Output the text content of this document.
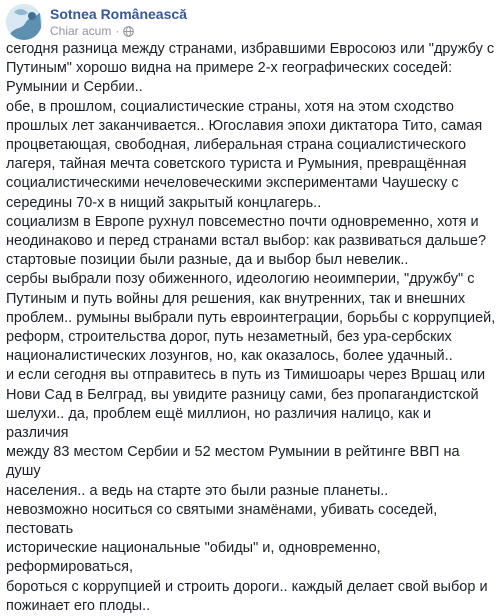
Sotnea Românească
Chiar acum ·

сегодня разница между странами, избравшими Евросоюз или "дружбу с
Путиным" хорошо видна на примере 2-х географических соседей:
Румынии и Сербии..

обе, в прошлом, социалистические страны, хотя на этом сходство
прошлых лет заканчивается.. Югославия эпохи диктатора Тито, самая
процветающая, свободная, либеральная страна социалистического
лагеря, тайная мечта советского туриста и Румыния, превращённая
социалистическими нечеловеческими экспериментами Чаушеску с
середины 70-х в нищий закрытый концлагерь..

социализм в Европе рухнул повсеместно почти одновременно, хотя и
неодинаково и перед странами встал выбор: как развиваться дальше?
стартовые позиции были разные, да и выбор был невелик..

сербы выбрали позу обиженного, идеологию неоимперии, "дружбу" с
Путиным и путь войны для решения, как внутренних, так и внешних
проблем.. румыны выбрали путь евроинтеграции, борьбы с коррупцией,
реформ, строительства дорог, путь незаметный, без ура-сербских
националистических лозунгов, но, как оказалось, более удачный..

и если сегодня вы отправитесь в путь из Тимишоары через Вршац или
Нови Сад в Белград, вы увидите разницу сами, без пропагандистской
шелухи.. да, проблем ещё миллион, но различия налицо, как и различия
между 83 местом Сербии и 52 местом Румынии в рейтинге ВВП на душу
населения.. а ведь на старте это были разные планеты..

невозможно носиться со святыми знамёнами, убивать соседей, пестовать
исторические национальные "обиды" и, одновременно, реформироваться,
бороться с коррупцией и строить дороги.. каждый делает свой выбор и
пожинает его плоды..
